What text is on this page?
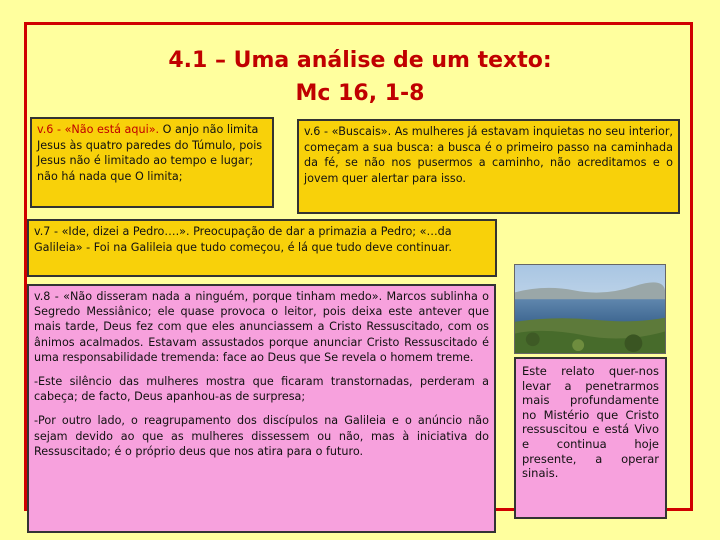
4.1 – Uma análise de um texto:
Mc 16, 1-8
v.6 - «Não está aqui». O anjo não limita Jesus às quatro paredes do Túmulo, pois Jesus não é limitado ao tempo e lugar; não há nada que O limita;
v.6 - «Buscais». As mulheres já estavam inquietas no seu interior, começam a sua busca: a busca é o primeiro passo na caminhada da fé, se não nos pusermos a caminho, não acreditamos e o jovem quer alertar para isso.
v.7 - «Ide, dizei a Pedro….». Preocupação de dar a primazia a Pedro; «…da Galileia» - Foi na Galileia que tudo começou, é lá que tudo deve continuar.

v.8 - «Não disseram nada a ninguém, porque tinham medo». Marcos sublinha o Segredo Messiânico; ele quase provoca o leitor, pois deixa este antever que mais tarde, Deus fez com que eles anunciassem a Cristo Ressuscitado, com os ânimos acalmados. Estavam assustados porque anunciar Cristo Ressuscitado é uma responsabilidade tremenda: face ao Deus que Se revela o homem treme.

-Este silêncio das mulheres mostra que ficaram transtornadas, perderam a cabeça; de facto, Deus apanhou-as de surpresa;

-Por outro lado, o reagrupamento dos discípulos na Galileia e o anúncio não sejam devido ao que as mulheres dissessem ou não, mas à iniciativa do Ressuscitado; é o próprio deus que nos atira para o futuro.

Este relato quer-nos levar a penetrarmos mais profundamente no Mistério que Cristo ressuscitou e está Vivo e continua hoje presente, a operar sinais.
